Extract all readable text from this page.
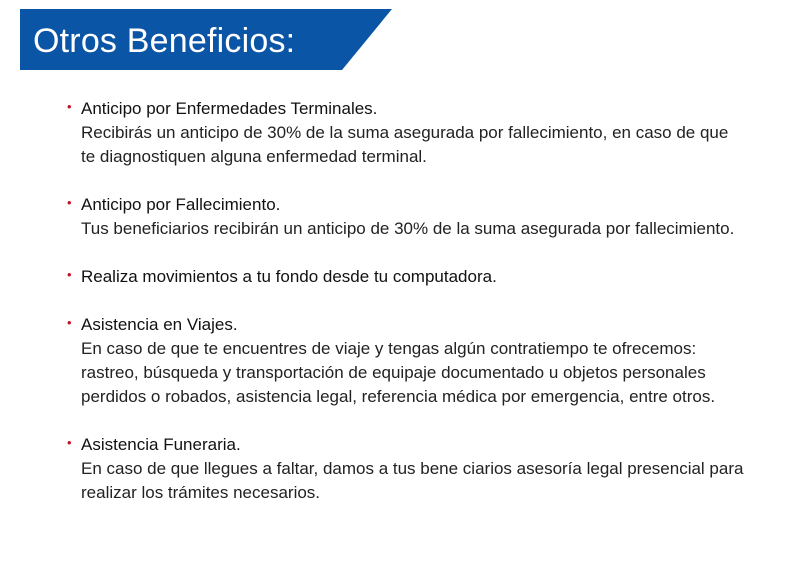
Otros Beneficios:
• Anticipo por Enfermedades Terminales.
Recibirás un anticipo de 30% de la suma asegurada por fallecimiento, en caso de que te diagnostiquen alguna enfermedad terminal.
• Anticipo por Fallecimiento.
Tus beneficiarios recibirán un anticipo de 30% de la suma asegurada por fallecimiento.
• Realiza movimientos a tu fondo desde tu computadora.
• Asistencia en Viajes.
En caso de que te encuentres de viaje y tengas algún contratiempo te ofrecemos: rastreo, búsqueda y transportación de equipaje documentado u objetos personales perdidos o robados, asistencia legal, referencia médica por emergencia, entre otros.
• Asistencia Funeraria.
En caso de que llegues a faltar, damos a tus bene ciarios asesoría legal presencial para realizar los trámites necesarios.
